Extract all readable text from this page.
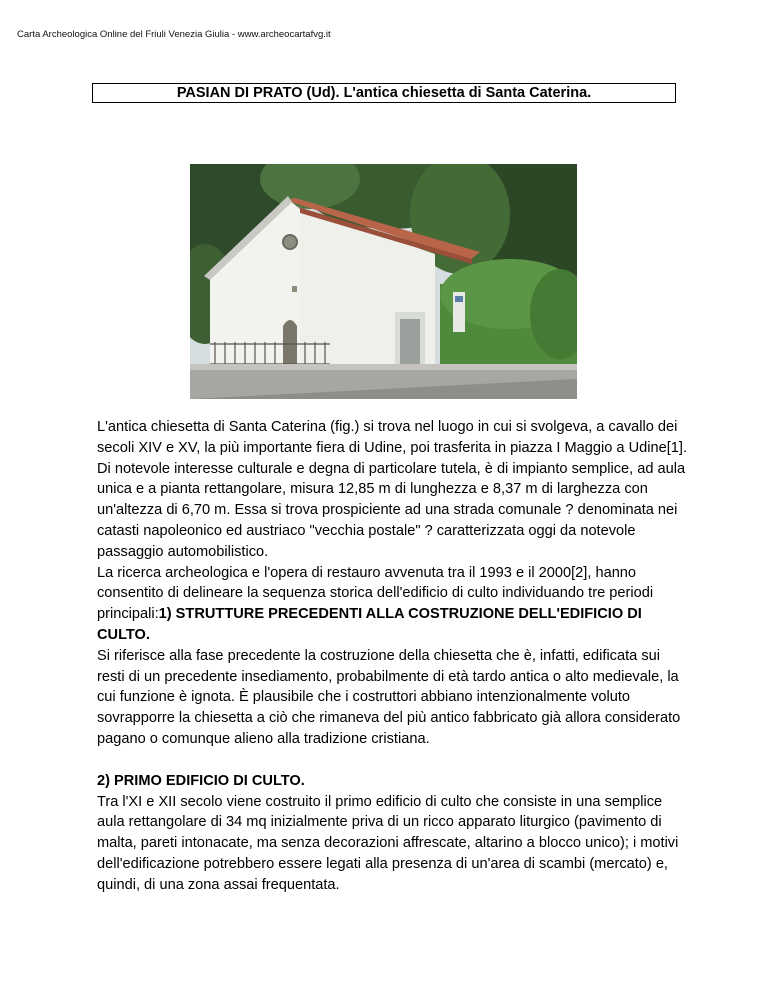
Carta Archeologica Online del Friuli Venezia Giulia - www.archeocartafvg.it
PASIAN DI PRATO (Ud). L'antica chiesetta di Santa Caterina.

L'antica chiesetta di Santa Caterina (fig.) si trova nel luogo in cui si svolgeva, a cavallo dei secoli XIV e XV, la più importante fiera di Udine, poi trasferita in piazza I Maggio a Udine[1]. Di notevole interesse culturale e degna di particolare tutela, è di impianto semplice, ad aula unica e a pianta rettangolare, misura 12,85 m di lunghezza e 8,37 m di larghezza con un'altezza di 6,70 m. Essa si trova prospiciente ad una strada comunale ? denominata nei catasti napoleonico ed austriaco "vecchia postale" ? caratterizzata oggi da notevole passaggio automobilistico.

La ricerca archeologica e l'opera di restauro avvenuta tra il 1993 e il 2000[2], hanno consentito di delineare la sequenza storica dell'edificio di culto individuando tre periodi principali:1) STRUTTURE PRECEDENTI ALLA COSTRUZIONE DELL'EDIFICIO DI CULTO.

Si riferisce alla fase precedente la costruzione della chiesetta che è, infatti, edificata sui resti di un precedente insediamento, probabilmente di età tardo antica o alto medievale, la cui funzione è ignota. È plausibile che i costruttori abbiano intenzionalmente voluto sovrapporre la chiesetta a ciò che rimaneva del più antico fabbricato già allora considerato pagano o comunque alieno alla tradizione cristiana.

2) PRIMO EDIFICIO DI CULTO.

Tra l'XI e XII secolo viene costruito il primo edificio di culto che consiste in una semplice aula rettangolare di 34 mq inizialmente priva di un ricco apparato liturgico (pavimento di malta, pareti intonacate, ma senza decorazioni affrescate, altarino a blocco unico); i motivi dell'edificazione potrebbero essere legati alla presenza di un'area di scambi (mercato) e, quindi, di una zona assai frequentata.
